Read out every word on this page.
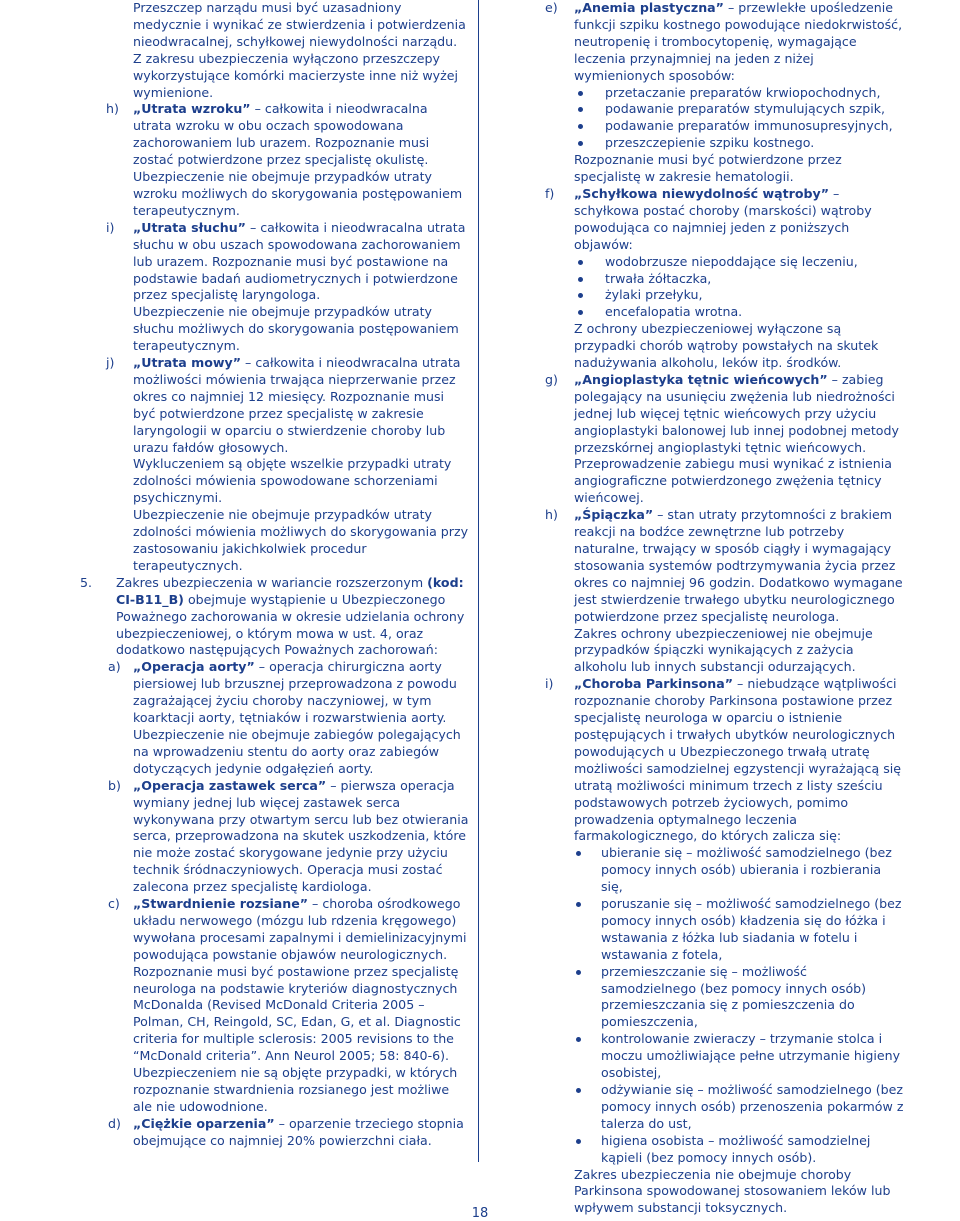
Przeszczep narządu musi być uzasadniony medycznie i wynikać ze stwierdzenia i potwierdzenia nieodwracalnej, schyłkowej niewydolności narządu.

Z zakresu ubezpieczenia wyłączono przeszczepy wykorzystujące komórki macierzyste inne niż wyżej wymienione.

h) „Utrata wzroku” – całkowita i nieodwracalna utrata wzroku w obu oczach spowodowana zachorowaniem lub urazem. Rozpoznanie musi zostać potwierdzone przez specjalistę okulistę.

Ubezpieczenie nie obejmuje przypadków utraty wzroku możliwych do skorygowania postępowaniem terapeutycznym.

i) „Utrata słuchu” – całkowita i nieodwracalna utrata słuchu w obu uszach spowodowana zachorowaniem lub urazem. Rozpoznanie musi być postawione na podstawie badań audiometrycznych i potwierdzone przez specjalistę laryngologa.

Ubezpieczenie nie obejmuje przypadków utraty słuchu możliwych do skorygowania postępowaniem terapeutycznym.

j) „Utrata mowy” – całkowita i nieodwracalna utrata możliwości mówienia trwająca nieprzerwanie przez okres co najmniej 12 miesięcy. Rozpoznanie musi być potwierdzone przez specjalistę w zakresie laryngologii w oparciu o stwierdzenie choroby lub urazu fałdów głosowych.

Wykluczeniem są objęte wszelkie przypadki utraty zdolności mówienia spowodowane schorzeniami psychicznymi.

Ubezpieczenie nie obejmuje przypadków utraty zdolności mówienia możliwych do skorygowania przy zastosowaniu jakichkolwiek procedur terapeutycznych.

5. Zakres ubezpieczenia w wariancie rozszerzonym (kod: CI-B11_B) obejmuje wystąpienie u Ubezpieczonego Poważnego zachorowania w okresie udzielania ochrony ubezpieczeniowej, o którym mowa w ust. 4, oraz dodatkowo następujących Poważnych zachorowań:

a) „Operacja aorty” – operacja chirurgiczna aorty piersiowej lub brzusznej przeprowadzona z powodu zagrażającej życiu choroby naczyniowej, w tym koarktacji aorty, tętniaków i rozwarstwienia aorty. Ubezpieczenie nie obejmuje zabiegów polegających na wprowadzeniu stentu do aorty oraz zabiegów dotyczących jedynie odgałęzień aorty.

b) „Operacja zastawek serca” – pierwsza operacja wymiany jednej lub więcej zastawek serca wykonywana przy otwartym sercu lub bez otwierania serca, przeprowadzona na skutek uszkodzenia, które nie może zostać skorygowane jedynie przy użyciu technik śródnaczyniowych. Operacja musi zostać zalecona przez specjalistę kardiologa.

c) „Stwardnienie rozsiane” – choroba ośrodkowego układu nerwowego (mózgu lub rdzenia kręgowego) wywołana procesami zapalnymi i demielinizacyjnymi powodująca powstanie objawów neurologicznych. Rozpoznanie musi być postawione przez specjalistę neurologa na podstawie kryteriów diagnostycznych McDonalda (Revised McDonald Criteria 2005 – Polman, CH, Reingold, SC, Edan, G, et al. Diagnostic criteria for multiple sclerosis: 2005 revisions to the “McDonald criteria”. Ann Neurol 2005; 58: 840-6).

Ubezpieczeniem nie są objęte przypadki, w których rozpoznanie stwardnienia rozsianego jest możliwe ale nie udowodnione.

d) „Ciężkie oparzenia” – oparzenie trzeciego stopnia obejmujące co najmniej 20% powierzchni ciała.

e) „Anemia plastyczna” – przewlekłe upośledzenie funkcji szpiku kostnego powodujące niedokrwistość, neutropenię i trombocytopenię, wymagające leczenia przynajmniej na jeden z niżej wymienionych sposobów:

przetaczanie preparatów krwiopochodnych,
podawanie preparatów stymulujących szpik,
podawanie preparatów immunosupresyjnych,
przeszczepienie szpiku kostnego.

Rozpoznanie musi być potwierdzone przez specjalistę w zakresie hematologii.

f) „Schyłkowa niewydolność wątroby” – schyłkowa postać choroby (marskości) wątroby powodująca co najmniej jeden z poniższych objawów:

wodobrzusze niepoddające się leczeniu,
trwała żółtaczka,
żylaki przełyku,
encefalopatia wrotna.

Z ochrony ubezpieczeniowej wyłączone są przypadki chorób wątroby powstałych na skutek nadużywania alkoholu, leków itp. środków.

g) „Angioplastyka tętnic wieńcowych” – zabieg polegający na usunięciu zwężenia lub niedrożności jednej lub więcej tętnic wieńcowych przy użyciu angioplastyki balonowej lub innej podobnej metody przezskórnej angioplastyki tętnic wieńcowych. Przeprowadzenie zabiegu musi wynikać z istnienia angiograficzne potwierdzonego zwężenia tętnicy wieńcowej.

h) „Śpiączka” – stan utraty przytomności z brakiem reakcji na bodźce zewnętrzne lub potrzeby naturalne, trwający w sposób ciągły i wymagający stosowania systemów podtrzymywania życia przez okres co najmniej 96 godzin. Dodatkowo wymagane jest stwierdzenie trwałego ubytku neurologicznego potwierdzone przez specjalistę neurologa.

Zakres ochrony ubezpieczeniowej nie obejmuje przypadków śpiączki wynikających z zażycia alkoholu lub innych substancji odurzających.

i) „Choroba Parkinsona” – niebudzące wątpliwości rozpoznanie choroby Parkinsona postawione przez specjalistę neurologa w oparciu o istnienie postępujących i trwałych ubytków neurologicznych powodujących u Ubezpieczonego trwałą utratę możliwości samodzielnej egzystencji wyrażającą się utratą możliwości minimum trzech z listy sześciu podstawowych potrzeb życiowych, pomimo prowadzenia optymalnego leczenia farmakologicznego, do których zalicza się:

ubieranie się – możliwość samodzielnego (bez pomocy innych osób) ubierania i rozbierania się,
poruszanie się – możliwość samodzielnego (bez pomocy innych osób) kładzenia się do łóżka i wstawania z łóżka lub siadania w fotelu i wstawania z fotela,
przemieszczanie się – możliwość samodzielnego (bez pomocy innych osób) przemieszczania się z pomieszczenia do pomieszczenia,
kontrolowanie zwieraczy – trzymanie stolca i moczu umożliwiające pełne utrzymanie higieny osobistej,
odżywianie się – możliwość samodzielnego (bez pomocy innych osób) przenoszenia pokarmów z talerza do ust,
higiena osobista – możliwość samodzielnej kąpieli (bez pomocy innych osób).

Zakres ubezpieczenia nie obejmuje choroby Parkinsona spowodowanej stosowaniem leków lub wpływem substancji toksycznych.

18
